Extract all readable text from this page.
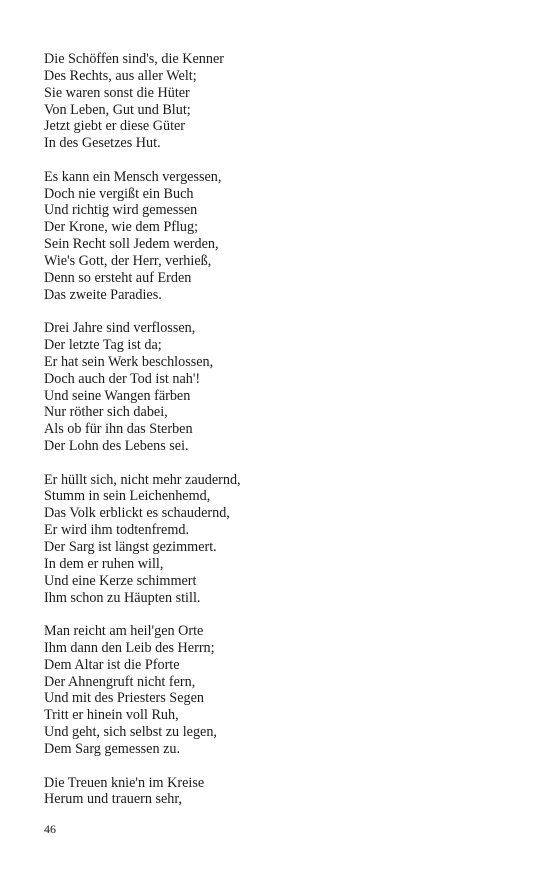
Die Schöffen sind's, die Kenner
Des Rechts, aus aller Welt;
Sie waren sonst die Hüter
Von Leben, Gut und Blut;
Jetzt giebt er diese Güter
In des Gesetzes Hut.
Es kann ein Mensch vergessen,
Doch nie vergißt ein Buch
Und richtig wird gemessen
Der Krone, wie dem Pflug;
Sein Recht soll Jedem werden,
Wie's Gott, der Herr, verhieß,
Denn so ersteht auf Erden
Das zweite Paradies.
Drei Jahre sind verflossen,
Der letzte Tag ist da;
Er hat sein Werk beschlossen,
Doch auch der Tod ist nah'!
Und seine Wangen färben
Nur röther sich dabei,
Als ob für ihn das Sterben
Der Lohn des Lebens sei.
Er hüllt sich, nicht mehr zaudernd,
Stumm in sein Leichenhemd,
Das Volk erblickt es schaudernd,
Er wird ihm todtenfremd.
Der Sarg ist längst gezimmert.
In dem er ruhen will,
Und eine Kerze schimmert
Ihm schon zu Häupten still.
Man reicht am heil'gen Orte
Ihm dann den Leib des Herrn;
Dem Altar ist die Pforte
Der Ahnengruft nicht fern,
Und mit des Priesters Segen
Tritt er hinein voll Ruh,
Und geht, sich selbst zu legen,
Dem Sarg gemessen zu.
Die Treuen knie'n im Kreise
Herum und trauern sehr,
46
